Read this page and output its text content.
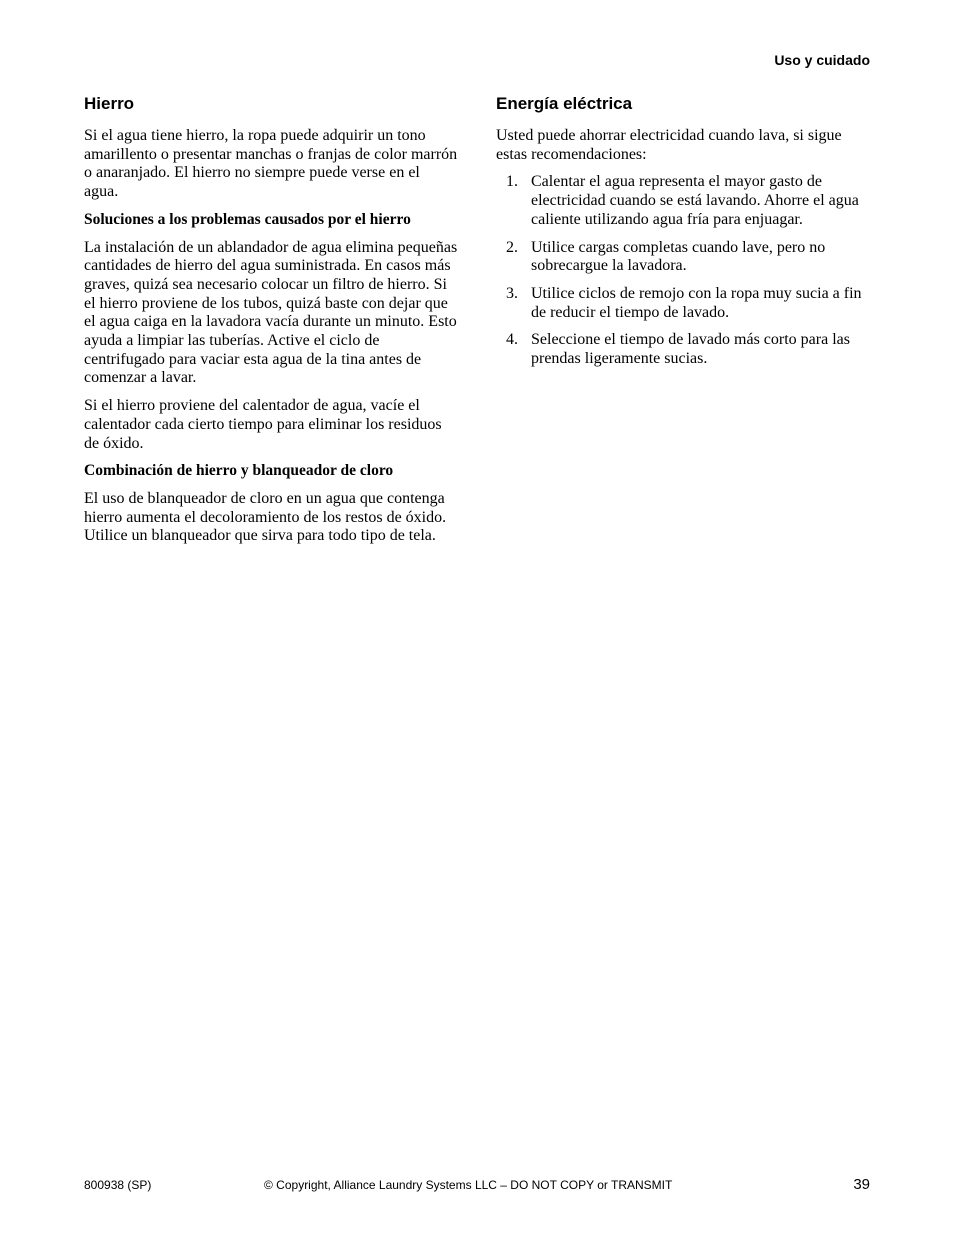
Uso y cuidado
Hierro

Si el agua tiene hierro, la ropa puede adquirir un tono amarillento o presentar manchas o franjas de color marrón o anaranjado. El hierro no siempre puede verse en el agua.

Soluciones a los problemas causados por el hierro

La instalación de un ablandador de agua elimina pequeñas cantidades de hierro del agua suministrada. En casos más graves, quizá sea necesario colocar un filtro de hierro. Si el hierro proviene de los tubos, quizá baste con dejar que el agua caiga en la lavadora vacía durante un minuto. Esto ayuda a limpiar las tuberías. Active el ciclo de centrifugado para vaciar esta agua de la tina antes de comenzar a lavar.

Si el hierro proviene del calentador de agua, vacíe el calentador cada cierto tiempo para eliminar los residuos de óxido.

Combinación de hierro y blanqueador de cloro

El uso de blanqueador de cloro en un agua que contenga hierro aumenta el decoloramiento de los restos de óxido. Utilice un blanqueador que sirva para todo tipo de tela.

Energía eléctrica

Usted puede ahorrar electricidad cuando lava, si sigue estas recomendaciones:

1. Calentar el agua representa el mayor gasto de electricidad cuando se está lavando. Ahorre el agua caliente utilizando agua fría para enjuagar.
2. Utilice cargas completas cuando lave, pero no sobrecargue la lavadora.
3. Utilice ciclos de remojo con la ropa muy sucia a fin de reducir el tiempo de lavado.
4. Seleccione el tiempo de lavado más corto para las prendas ligeramente sucias.
800938 (SP)	© Copyright, Alliance Laundry Systems LLC – DO NOT COPY or TRANSMIT	39
